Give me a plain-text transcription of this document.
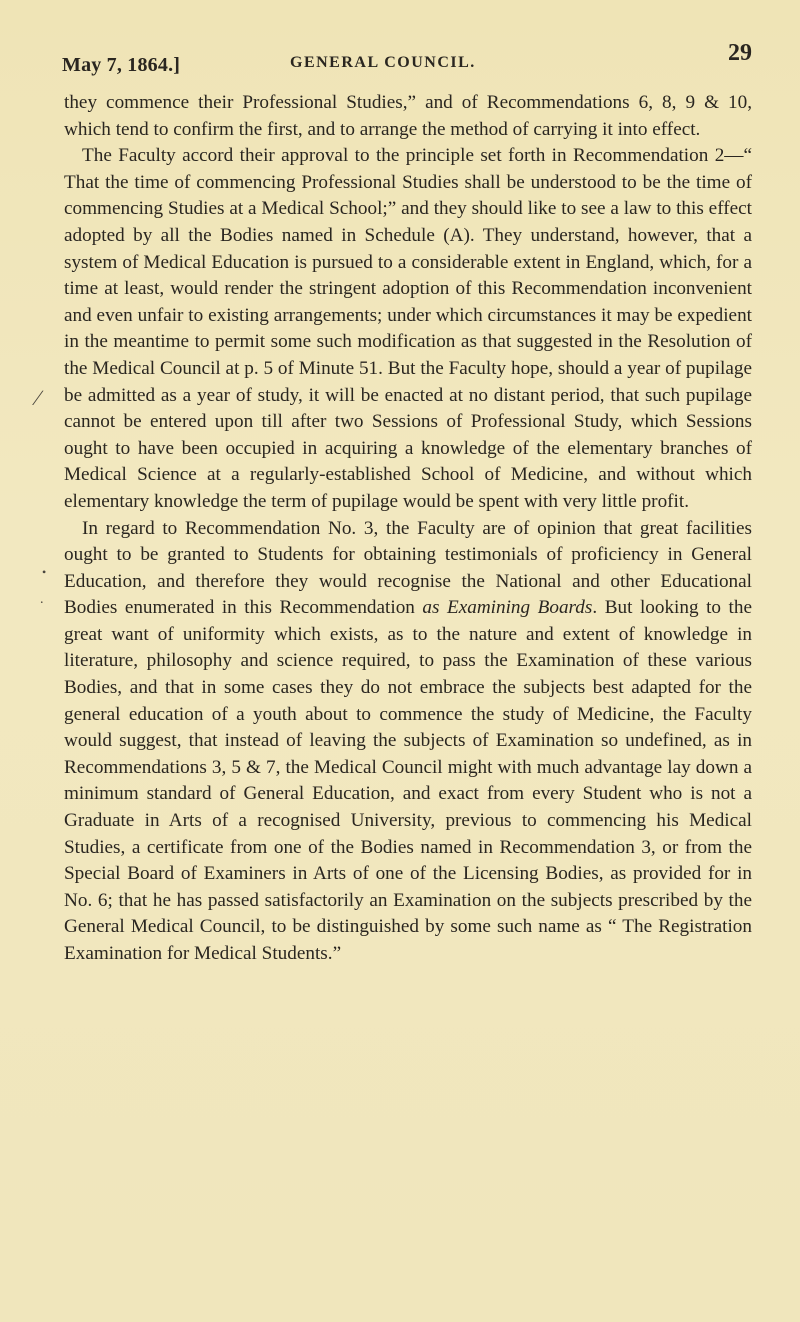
May 7, 1864.]	GENERAL COUNCIL.	29
∕
•
.

they commence their Professional Studies,” and of Recommendations 6, 8, 9 & 10, which tend to confirm the first, and to arrange the method of carrying it into effect.

The Faculty accord their approval to the principle set forth in Recommendation 2—“ That the time of commencing Professional Studies shall be understood to be the time of commencing Studies at a Medical School;” and they should like to see a law to this effect adopted by all the Bodies named in Schedule (A). They understand, however, that a system of Medical Education is pursued to a considerable extent in England, which, for a time at least, would render the stringent adoption of this Recommendation inconvenient and even unfair to existing arrangements; under which circumstances it may be expedient in the meantime to permit some such modification as that suggested in the Resolution of the Medical Council at p. 5 of Minute 51. But the Faculty hope, should a year of pupilage be admitted as a year of study, it will be enacted at no distant period, that such pupilage cannot be entered upon till after two Sessions of Professional Study, which Sessions ought to have been occupied in acquiring a knowledge of the elementary branches of Medical Science at a regularly-established School of Medicine, and without which elementary knowledge the term of pupilage would be spent with very little profit.

In regard to Recommendation No. 3, the Faculty are of opinion that great facilities ought to be granted to Students for obtaining testimonials of proficiency in General Education, and therefore they would recognise the National and other Educational Bodies enumerated in this Recommendation as Examining Boards. But looking to the great want of uniformity which exists, as to the nature and extent of knowledge in literature, philosophy and science required, to pass the Examination of these various Bodies, and that in some cases they do not embrace the subjects best adapted for the general education of a youth about to commence the study of Medicine, the Faculty would suggest, that instead of leaving the subjects of Examination so undefined, as in Recommendations 3, 5 & 7, the Medical Council might with much advantage lay down a minimum standard of General Education, and exact from every Student who is not a Graduate in Arts of a recognised University, previous to commencing his Medical Studies, a certificate from one of the Bodies named in Recommendation 3, or from the Special Board of Examiners in Arts of one of the Licensing Bodies, as provided for in No. 6; that he has passed satisfactorily an Examination on the subjects prescribed by the General Medical Council, to be distinguished by some such name as “ The Registration Examination for Medical Students.”
